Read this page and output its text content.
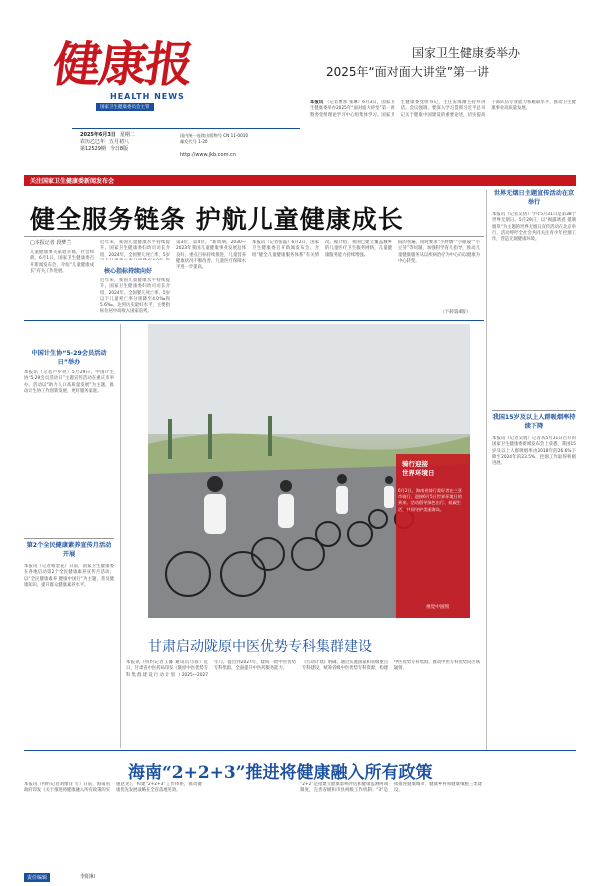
健康报
HEALTH NEWS
国家卫生健康委员会主管
2025年6月3日 星期二
农历乙巳年 五月初八
第12529期 今日8版
国内统一连续出版物号 CN 11-0010
邮发代号 1-20
http://www.jkb.com.cn
国家卫生健康委举办
2025年“面对面大讲堂”第一讲
本报讯 （记者曹蕾 张琳）6月3日，国家卫生健康委举办2025年“面对面大讲堂”第一讲暨委党组理论学习中心组集体学习。国家卫生健康委党组书记、主任雷海潮主持并讲话。会议强调，要深入学习贯彻习近平总书记关于健康中国建设的重要论述，切实提高干部队伍专业能力和履职水平，推动卫生健康事业高质量发展。
关注国家卫生健康委新闻发布会
健全服务链条 护航儿童健康成长
□本报记者 段梦兰
儿童健康事关家庭幸福、社会和谐。6月1日，国家卫生健康委召开新闻发布会，介绍“儿童健康成长”有关工作进展。
近年来，我国儿童健康水平持续提升。国家卫生健康委妇幼司司长介绍，2024年，全国婴儿死亡率、5岁
核心指标持续向好
近年来，我国儿童健康水平持续提升。国家卫生健康委妇幼司司长介绍，2024年，全国婴儿死亡率、5岁以下儿童死亡率分别降至4.0‰和5.6‰，达到历史最好水平，主要指标位居中高收入国家前列。
第3位，第4位。“新周期，2030—2023年我国儿童健康事业发展总体良好，重点目标持续推进，儿童营养健康状况不断改善，儿童医疗保障水平进一步提高。
本报讯（记者张磊）6月2日，国家卫生健康委召开新闻发布会，介绍“健全儿童健康服务体系”有关情况。据介绍，我国已建立覆盖城乡的儿童医疗卫生服务网络，儿童健康服务能力持续增强。
院的普遍。同时要求“小胖墩”“小眼镜”“小豆芽”等问题，加强科学育儿指导，推动儿童健康服务从以疾病治疗为中心向以健康为中心转变。
（下转第4版）
世界无烟日主题宣传活动在京举行
本报讯（记者吴倩）今年5月31日是第38个世界无烟日。5月29日，以“揭露诱惑 抵制烟草”为主题的世界无烟日宣传活动在北京举行。活动呼吁全社会共同关注青少年控烟工作，营造无烟健康环境。
我国15岁及以上人群吸烟率持续下降
本报讯（记者吴倩）记者从5月31日召开的国家卫生健康委新闻发布会上获悉，我国15岁及以上人群吸烟率由2018年的26.6%下降至2024年的23.5%，控烟工作取得积极进展。
中国计生协“5·29会员活动日”举办
本报讯（记者卢步亮）5月29日，中国计生协“5·29会员活动日”主题宣传活动在重庆市举办。活动以“助力人口高质量发展”为主题，推动计生协工作创新发展，更好服务家庭。
第2个全民健康素养宣传月活动开展
本报讯（记者杨金花）日前，国家卫生健康委在各地启动第2个全民健康素养宣传月活动，以“全民健康素养 健康中国行”为主题，普及健康知识，提升群众健康素养水平。
骑行迎接
世界环境日
6月2日，海南省骑行爱好者在三亚市骑行，迎接6月5日世界环境日的到来。活动倡导绿色出行、低碳生活，共同守护美丽海岛。
视觉中国图
甘肃启动陇原中医优势专科集群建设
本报讯（特约记者王馨 通讯员马蓉）近日，甘肃省中医药局印发《陇原中医优势专科集群建设行动计划（2025—2027年）》，提出到2027年，建成一批中医优势专科集群，全面提升中医药服务能力。
《行动计划》明确，通过实施国家和省级重点专科建设，统筹省级中医优势专科资源，构建中医优势专科集群，推动中医专科优势向区域辐射。
海南“2+2+3”推进将健康融入所有政策
本报讯（特约记者刘维洋 专）日前，海南省政府印发《关于推进将健康融入所有政策的实施意见》，构建“2+2+3”工作体系，推动健康优先发展战略在全省落地见效。
“2+2”是指建立健康影响评估和健康监测两项制度，完善省级和市县两级工作机制；“3”是指推进健康城市、健康乡村和健康细胞三类建设。
责任编辑	李阳和
